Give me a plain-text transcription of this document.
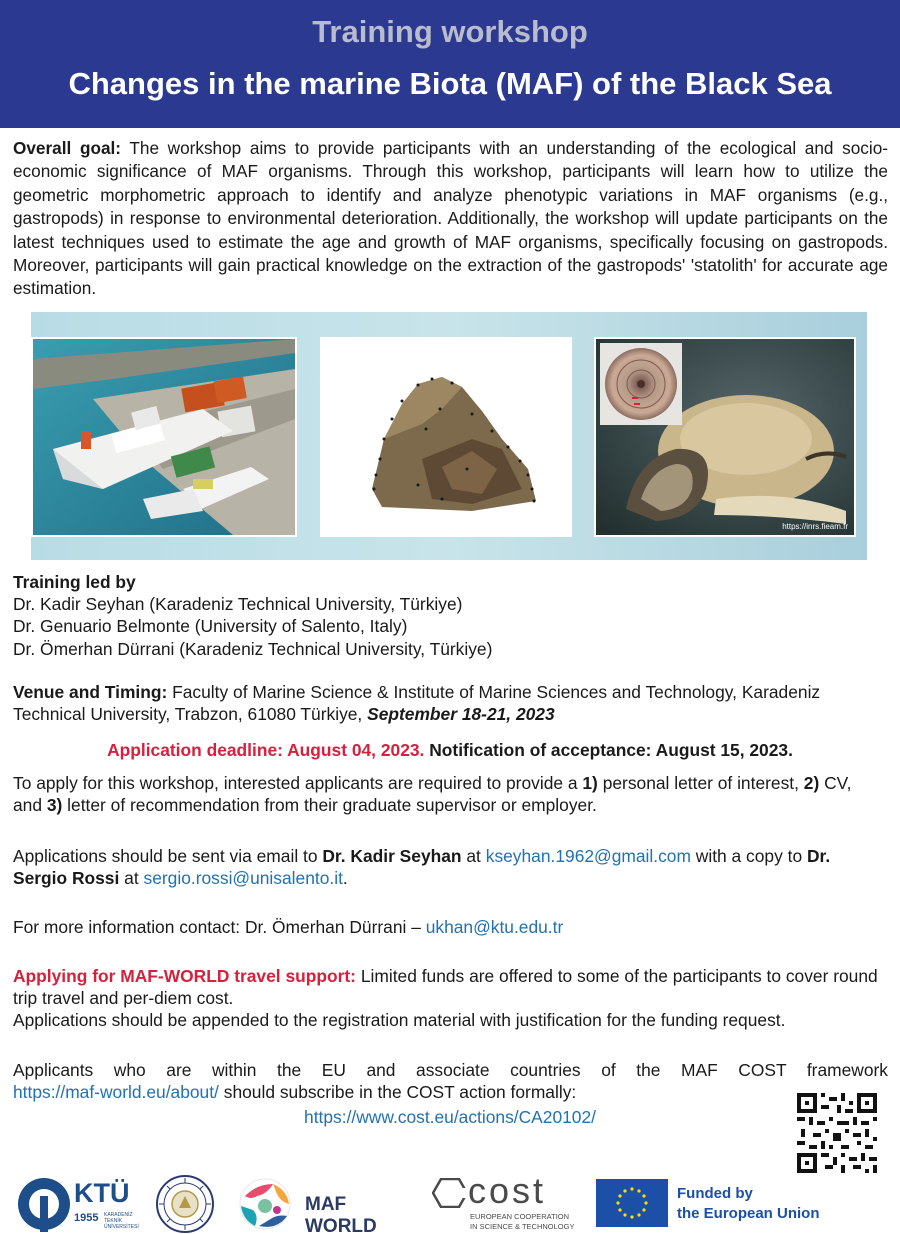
Training workshop
Changes in the marine Biota (MAF) of the Black Sea

Overall goal: The workshop aims to provide participants with an understanding of the ecological and socio-economic significance of MAF organisms. Through this workshop, participants will learn how to utilize the geometric morphometric approach to identify and analyze phenotypic variations in MAF organisms (e.g., gastropods) in response to environmental deterioration. Additionally, the workshop will update participants on the latest techniques used to estimate the age and growth of MAF organisms, specifically focusing on gastropods. Moreover, participants will gain practical knowledge on the extraction of the gastropods' 'statolith' for accurate age estimation.

Vasconcelos et al. (2020)	https://inrs.fieam.fr
Training led by
Dr. Kadir Seyhan (Karadeniz Technical University, Türkiye)
Dr. Genuario Belmonte (University of Salento, Italy)
Dr. Ömerhan Dürrani (Karadeniz Technical University, Türkiye)
Venue and Timing: Faculty of Marine Science & Institute of Marine Sciences and Technology, Karadeniz Technical University, Trabzon, 61080 Türkiye, September 18-21, 2023
Application deadline: August 04, 2023. Notification of acceptance: August 15, 2023.
To apply for this workshop, interested applicants are required to provide a 1) personal letter of interest, 2) CV, and 3) letter of recommendation from their graduate supervisor or employer.
Applications should be sent via email to Dr. Kadir Seyhan at kseyhan.1962@gmail.com with a copy to Dr. Sergio Rossi at sergio.rossi@unisalento.it.
For more information contact: Dr. Ömerhan Dürrani – ukhan@ktu.edu.tr
Applying for MAF-WORLD travel support: Limited funds are offered to some of the participants to cover round trip travel and per-diem cost.
Applications should be appended to the registration material with justification for the funding request.
Applicants who are within the EU and associate countries of the MAF COST framework
https://maf-world.eu/about/ should subscribe in the COST action formally:
https://www.cost.eu/actions/CA20102/
KTÜ
1955 KARADENİZ TEKNİK ÜNİVERSİTESİ
MAF WORLD
cost
EUROPEAN COOPERATION
IN SCIENCE & TECHNOLOGY
Funded by
the European Union
